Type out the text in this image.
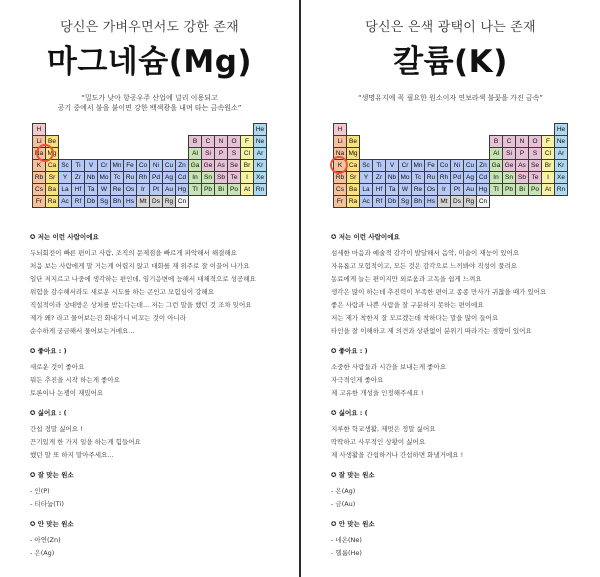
당신은 가벼우면서도 강한 존재
마그네슘(Mg)
“밀도가 낮아 항공우주 산업에 널리 이용되고
공기 중에서 불을 붙이면 강한 백색광을 내며 타는 금속원소”
Cn
Rg
Ds
Mt
Hs
Bh
Sg
Db
Rf
Ac
Ra
Fr
Rn
At
Po
Bi
Pb
Tl
Hg
Au
Pt
Ir
Os
Re
W
Ta
Hf
La
Ba
Cs
Xe
I
Te
Sb
Sn
In
Cd
Ag
Pd
Rh
Ru
Tc
Mo
Nb
Zr
Y
Sr
Rb
Kr
Br
Se
As
Ge
Ga
Zn
Cu
Ni
Co
Fe
Mn
Cr
V
Ti
Sc
Ca
K
Ar
Cl
S
P
Si
Al
Mg
Na
Ne
F
O
N
C
B
Be
Li
He
H
✪ 저는 이런 사람이에요
두뇌회전이 빠른 편이고 사람, 조직의 문제점을 빠르게 파악해서 해결해요
처음 보는 사람에게 말 거는게 어렵지 않고 대화를 재 위주로 잘 이끌어 나가요
일단 저지르고 나중에 생각하는 편인데, 임기응변에 능해서 대체적으로 성공해요
위험을 감수해서라도 새로운 시도를 하는 곤인고 모험심이 강해요
직설적이라 상대방은 상처를 받는다는데... 저는 그런 말을 했던 것 조차 잊어요
제가 왜? 라고 물어보는건 화내가니 비꼬는 것이 아니라
순수하게 궁금해서 물어보는거에요...
✪ 좋아요 : )
새로운 것이 좋아요
뭐든 추진을 시작 하는게 좋아요
토론이나 논쟁이 재밌어요
✪ 싫어요 : (
간섭 정말 싫어요 !
끈기있게 한 가지 일을 하는게 힘들어요
했던 말 또 하지 말아주세요...
✪ 잘 맞는 원소
- 인(P)
- 티타늄(Ti)
✪ 안 맞는 원소
- 아연(Zn)
- 은(Ag)
당신은 은색 광택이 나는 존재
칼륨(K)
“생명유지에 꼭 필요한 원소이자 연보라색 불꽃을 가진 금속”
Cn
Rg
Ds
Mt
Hs
Bh
Sg
Db
Rf
Ac
Ra
Fr
Rn
At
Po
Bi
Pb
Tl
Hg
Au
Pt
Ir
Os
Re
W
Ta
Hf
La
Ba
Cs
Xe
I
Te
Sb
Sn
In
Cd
Ag
Pd
Rh
Ru
Tc
Mo
Nb
Zr
Y
Sr
Rb
Kr
Br
Se
As
Ge
Ga
Zn
Cu
Ni
Co
Fe
Mn
Cr
V
Ti
Sc
Ca
K
Ar
Cl
S
P
Si
Al
Mg
Na
Ne
F
O
N
C
B
Be
Li
He
H
✪ 저는 이런 사람이에요
섬세한 마음과 예술적 감각이 발달해서 음악, 미술이 재능이 있어요
자유롭고 모험적이고, 모든 것은 감각으로 느끼봐야 직성이 풀려요
동료에게 늘는 편이지만 외로움과 고독을 쉽게 느껴요
생각은 많이 하는데 추진력이 부족한 편이고 종종 만사가 귀찮을 때가 있어요
좋은 사람과 나쁜 사람을 잘 구분하지 못하는 편이에요
저는 제가 착한지 잘 모르겠는데 착하다는 말을 많이 들어요
타인을 잘 이해하고 제 의견과 상관없이 분위기 따라가는 경향이 있어요
✪ 좋아요 : )
소중한 사람들과 시간을 보내는게 좋아요
자극적인게 좋아요
제 고유한 개성을 인정해주세요 !
✪ 싫어요 : (
지루한 학교생활, 제멋은 정말 싫어요
딱딱하고 사무적인 상황이 싫어요
제 사생활을 간섭하거나 간섭하면 화낼거에요 !
✪ 잘 맞는 원소
- 은(Ag)
- 금(Au)
✪ 안 맞는 원소
- 네온(Ne)
- 헬륨(He)
